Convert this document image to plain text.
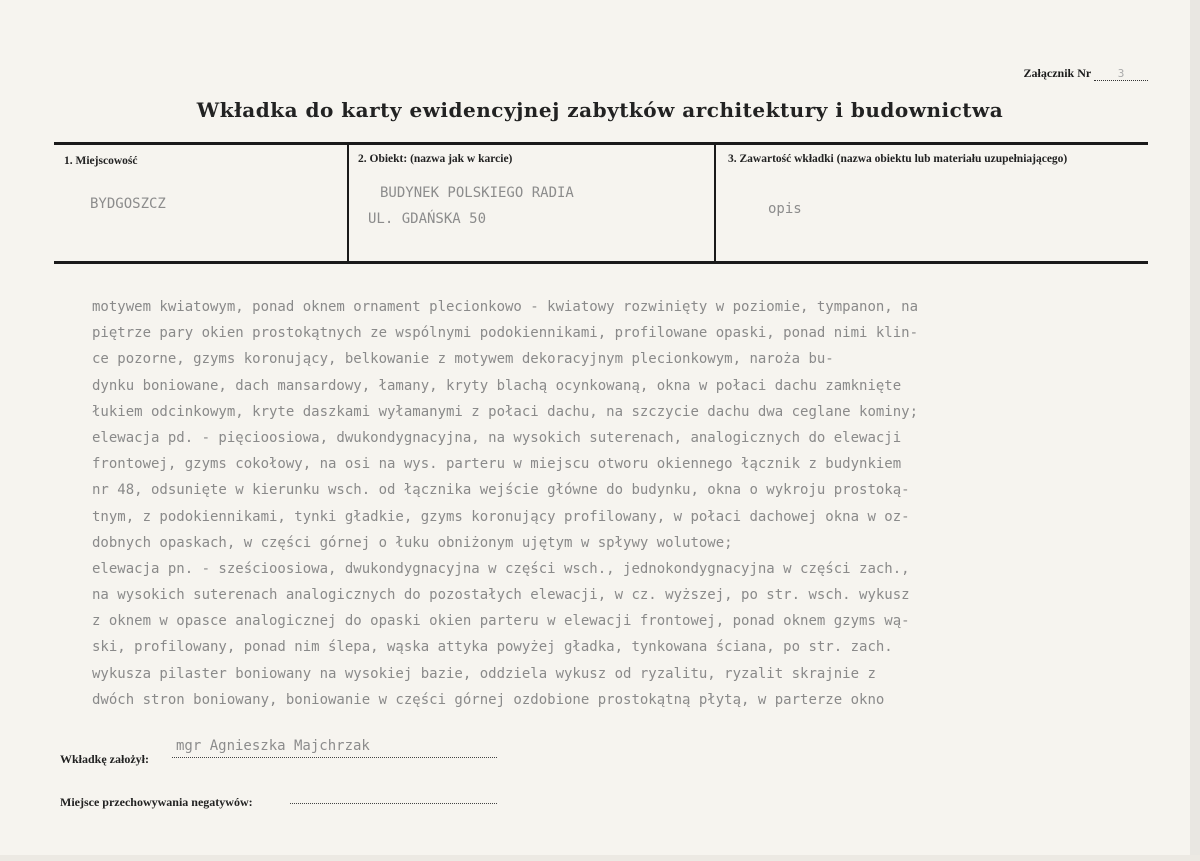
Załącznik Nr 3
Wkładka do karty ewidencyjnej zabytków architektury i budownictwa
1. Miejscowość	2. Obiekt: (nazwa jak w karcie)	3. Zawartość wkładki (nazwa obiektu lub materiału uzupełniającego)
BYDGOSZCZ
BUDYNEK POLSKIEGO RADIA
UL. GDAŃSKA 50
opis
motywem kwiatowym, ponad oknem ornament plecionkowo - kwiatowy rozwinięty w poziomie, tympanon, na
piętrze pary okien prostokątnych ze wspólnymi podokiennikami, profilowane opaski, ponad nimi klin-
ce pozorne, gzyms koronujący, belkowanie z motywem dekoracyjnym plecionkowym, naroża bu-
dynku boniowane, dach mansardowy, łamany, kryty blachą ocynkowaną, okna w połaci dachu zamknięte
łukiem odcinkowym, kryte daszkami wyłamanymi z połaci dachu, na szczycie dachu dwa ceglane kominy;
elewacja pd. - pięcioosiowa, dwukondygnacyjna, na wysokich suterenach, analogicznych do elewacji
frontowej, gzyms cokołowy, na osi na wys. parteru w miejscu otworu okiennego łącznik z budynkiem
nr 48, odsunięte w kierunku wsch. od łącznika wejście główne do budynku, okna o wykroju prostoką-
tnym, z podokiennikami, tynki gładkie, gzyms koronujący profilowany, w połaci dachowej okna w oz-
dobnych opaskach, w części górnej o łuku obniżonym ujętym w spływy wolutowe;
elewacja pn. - sześcioosiowa, dwukondygnacyjna w części wsch., jednokondygnacyjna w części zach.,
na wysokich suterenach analogicznych do pozostałych elewacji, w cz. wyższej, po str. wsch. wykusz
z oknem w opasce analogicznej do opaski okien parteru w elewacji frontowej, ponad oknem gzyms wą-
ski, profilowany, ponad nim ślepa, wąska attyka powyżej gładka, tynkowana ściana, po str. zach.
wykusza pilaster boniowany na wysokiej bazie, oddziela wykusz od ryzalitu, ryzalit skrajnie z
dwóch stron boniowany, boniowanie w części górnej ozdobione prostokątną płytą, w parterze okno
Wkładkę założył:
mgr Agnieszka Majchrzak
Miejsce przechowywania negatywów:
